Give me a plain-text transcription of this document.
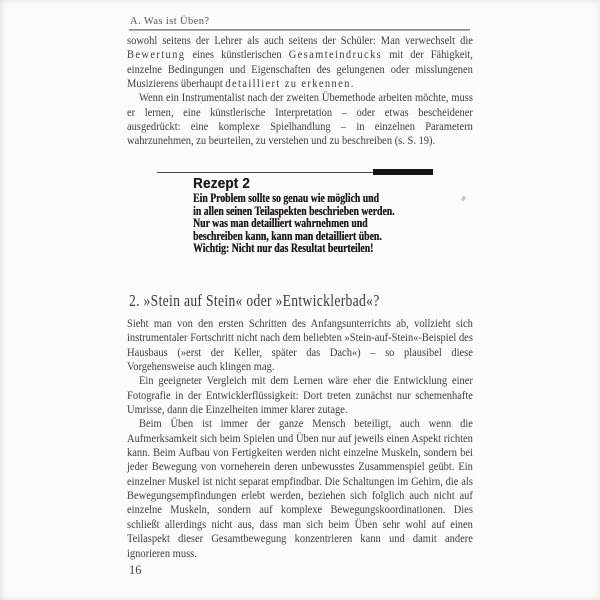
A. Was ist Üben?

sowohl seitens der Lehrer als auch seitens der Schüler: Man verwechselt die Bewertung eines künstlerischen Gesamteindrucks mit der Fähigkeit, einzelne Bedingungen und Eigenschaften des gelungenen oder misslungenen Musizierens überhaupt detailliert zu erkennen.

Wenn ein Instrumentalist nach der zweiten Übemethode arbeiten möchte, muss er lernen, eine künstlerische Interpretation – oder etwas bescheidener ausgedrückt: eine komplexe Spielhandlung – in einzelnen Parametern wahrzunehmen, zu beurteilen, zu verstehen und zu beschreiben (s. S. 19).

Rezept 2
Ein Problem sollte so genau wie möglich und
in allen seinen Teilaspekten beschrieben werden.
Nur was man detailliert wahrnehmen und
beschreiben kann, kann man detailliert üben.
Wichtig: Nicht nur das Resultat beurteilen!
2. »Stein auf Stein« oder »Entwicklerbad«?

Sieht man von den ersten Schritten des Anfangsunterrichts ab, vollzieht sich instrumentaler Fortschritt nicht nach dem beliebten »Stein-auf-Stein«-Beispiel des Hausbaus (»erst der Keller, später das Dach«) – so plausibel diese Vorgehensweise auch klingen mag.

Ein geeigneter Vergleich mit dem Lernen wäre eher die Entwicklung einer Fotografie in der Entwicklerflüssigkeit: Dort treten zunächst nur schemenhafte Umrisse, dann die Einzelheiten immer klarer zutage.

Beim Üben ist immer der ganze Mensch beteiligt, auch wenn die Aufmerksamkeit sich beim Spielen und Üben nur auf jeweils einen Aspekt richten kann. Beim Aufbau von Fertigkeiten werden nicht einzelne Muskeln, sondern bei jeder Bewegung von vorneherein deren unbewusstes Zusammenspiel geübt. Ein einzelner Muskel ist nicht separat empfindbar. Die Schaltungen im Gehirn, die als Bewegungsempfindungen erlebt werden, beziehen sich folglich auch nicht auf einzelne Muskeln, sondern auf komplexe Bewegungskoordinationen. Dies schließt allerdings nicht aus, dass man sich beim Üben sehr wohl auf einen Teilaspekt dieser Gesamtbewegung konzentrieren kann und damit andere ignorieren muss.

16
